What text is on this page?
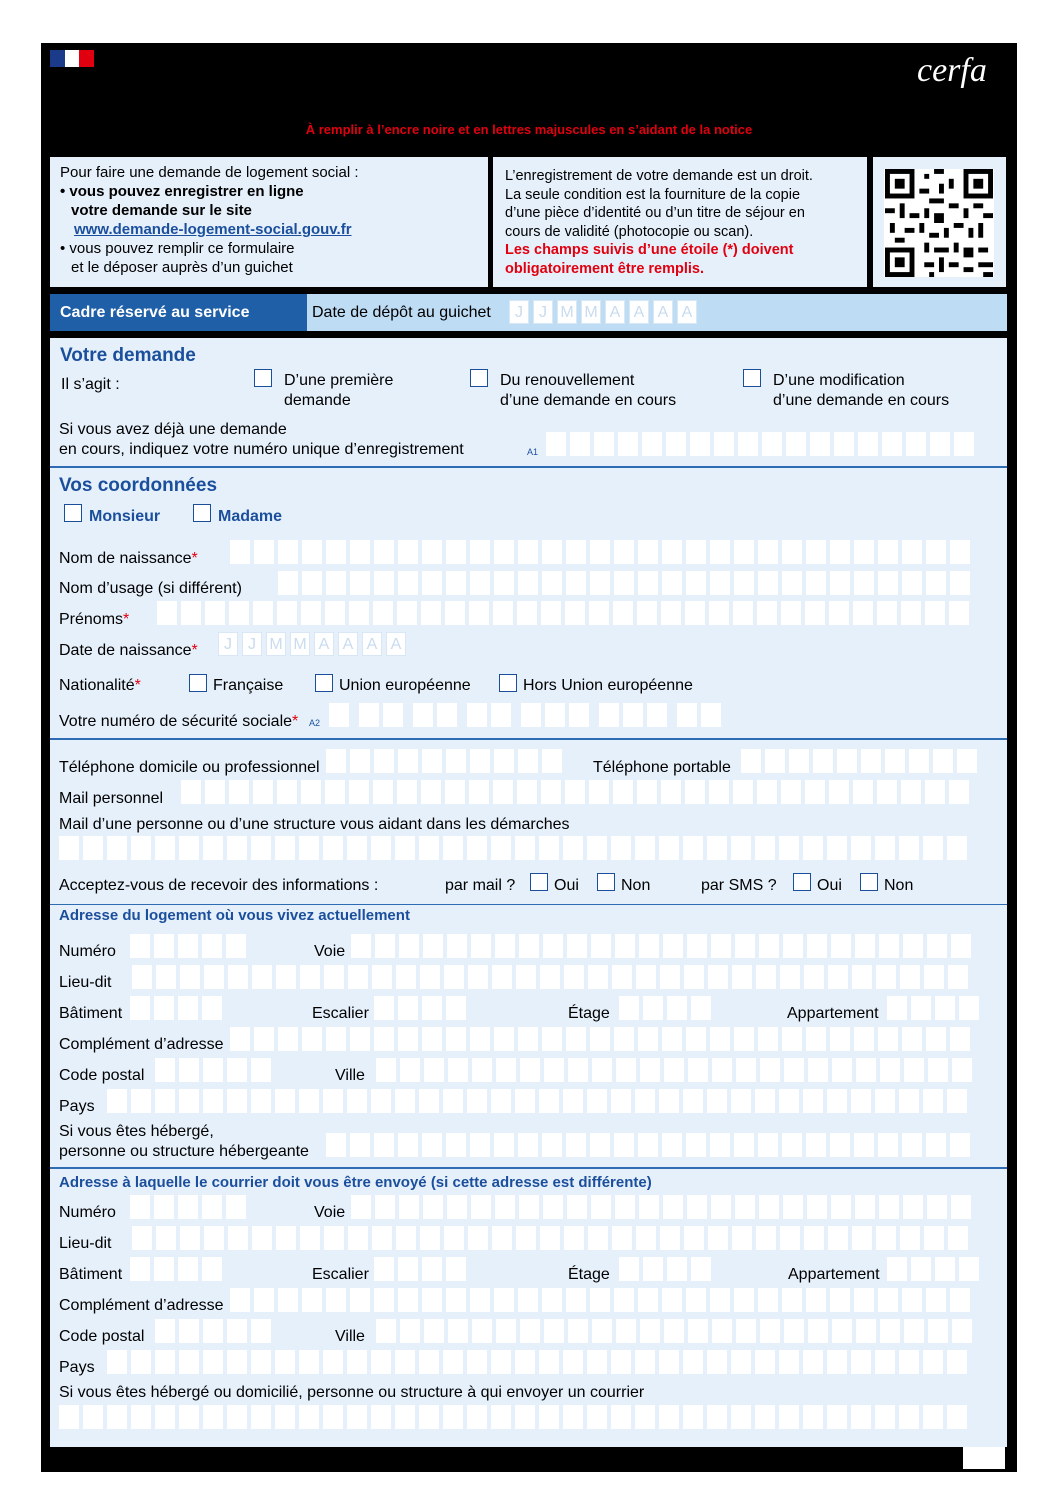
cerfa
À remplir à l’encre noire et en lettres majuscules en s’aidant de la notice
Pour faire une demande de logement social :
• vous pouvez enregistrer en ligne
votre demande sur le site
www.demande-logement-social.gouv.fr
• vous pouvez remplir ce formulaire
et le déposer auprès d’un guichet
L’enregistrement de votre demande est un droit.
La seule condition est la fourniture de la copie
d’une pièce d’identité ou d’un titre de séjour en
cours de validité (photocopie ou scan).
Les champs suivis d’une étoile (*) doivent
obligatoirement être remplis.
Cadre réservé au service	Date de dépôt au guichet	J	J M M A A A A
Votre demande
Il s’agit :	D’une première
demande
Du renouvellement
d’une demande en cours
D’une modification
d’une demande en cours
Si vous avez déjà une demande
en cours, indiquez votre numéro unique d’enregistrement	A1
Vos coordonnées
Monsieur	Madame
Nom de naissance*
Nom d’usage (si différent)
Prénoms*
Date de naissance*	J	J M M A A A A
Nationalité*	Française	Union européenne	Hors Union européenne
Votre numéro de sécurité sociale* A2
Téléphone domicile ou professionnel	Téléphone portable
Mail personnel
Mail d’une personne ou d’une structure vous aidant dans les démarches
Acceptez-vous de recevoir des informations :	par mail ? Oui	Non	par SMS ?	Oui	Non
Adresse du logement où vous vivez actuellement
Numéro	Voie
Lieu-dit
Bâtiment	Escalier	Étage	Appartement
Complément d’adresse
Code postal	Ville
Pays
Si vous êtes hébergé,
personne ou structure hébergeante
Adresse à laquelle le courrier doit vous être envoyé (si cette adresse est différente)
Numéro	Voie
Lieu-dit
Bâtiment	Escalier	Étage	Appartement
Complément d’adresse
Code postal	Ville
Pays
Si vous êtes hébergé ou domicilié, personne ou structure à qui envoyer un courrier
